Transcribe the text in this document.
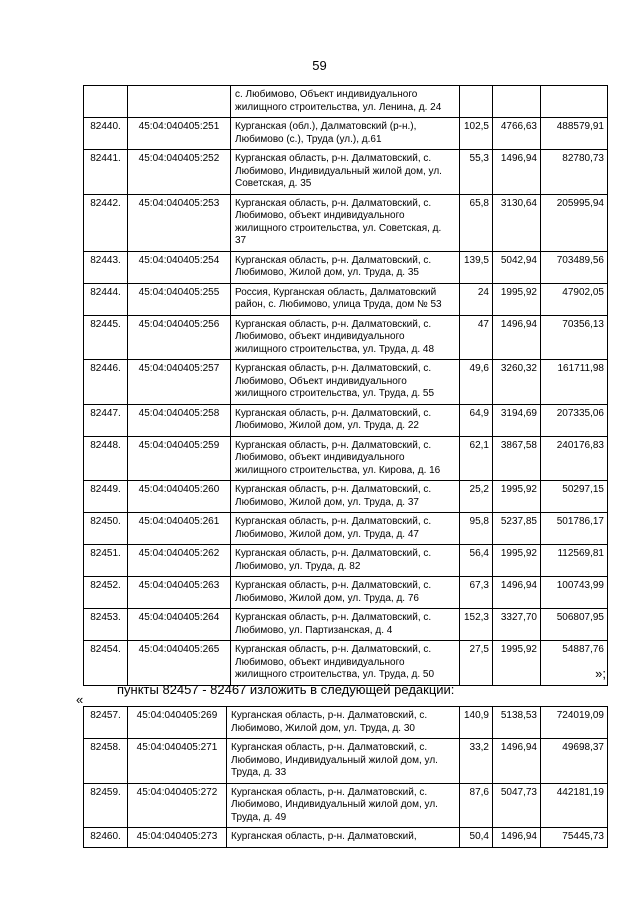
59
		с. Любимово, Объект индивидуального жилищного строительства, ул. Ленина, д. 24			
82440.	45:04:040405:251	Курганская (обл.), Далматовский (р-н.), Любимово (с.), Труда (ул.), д.61	102,5	4766,63	488579,91
82441.	45:04:040405:252	Курганская область, р-н. Далматовский, с. Любимово, Индивидуальный жилой дом, ул. Советская, д. 35	55,3	1496,94	82780,73
82442.	45:04:040405:253	Курганская область, р-н. Далматовский, с. Любимово, объект индивидуального жилищного строительства, ул. Советская, д. 37	65,8	3130,64	205995,94
82443.	45:04:040405:254	Курганская область, р-н. Далматовский, с. Любимово, Жилой дом, ул. Труда, д. 35	139,5	5042,94	703489,56
82444.	45:04:040405:255	Россия, Курганская область, Далматовский район, с. Любимово, улица Труда, дом № 53	24	1995,92	47902,05
82445.	45:04:040405:256	Курганская область, р-н. Далматовский, с. Любимово, объект индивидуального жилищного строительства, ул. Труда, д. 48	47	1496,94	70356,13
82446.	45:04:040405:257	Курганская область, р-н. Далматовский, с. Любимово, Объект индивидуального жилищного строительства, ул. Труда, д. 55	49,6	3260,32	161711,98
82447.	45:04:040405:258	Курганская область, р-н. Далматовский, с. Любимово, Жилой дом, ул. Труда, д. 22	64,9	3194,69	207335,06
82448.	45:04:040405:259	Курганская область, р-н. Далматовский, с. Любимово, объект индивидуального жилищного строительства, ул. Кирова, д. 16	62,1	3867,58	240176,83
82449.	45:04:040405:260	Курганская область, р-н. Далматовский, с. Любимово, Жилой дом, ул. Труда, д. 37	25,2	1995,92	50297,15
82450.	45:04:040405:261	Курганская область, р-н. Далматовский, с. Любимово, Жилой дом, ул. Труда, д. 47	95,8	5237,85	501786,17
82451.	45:04:040405:262	Курганская область, р-н. Далматовский, с. Любимово, ул. Труда, д. 82	56,4	1995,92	112569,81
82452.	45:04:040405:263	Курганская область, р-н. Далматовский, с. Любимово, Жилой дом, ул. Труда, д. 76	67,3	1496,94	100743,99
82453.	45:04:040405:264	Курганская область, р-н. Далматовский, с. Любимово, ул. Партизанская, д. 4	152,3	3327,70	506807,95
82454.	45:04:040405:265	Курганская область, р-н. Далматовский, с. Любимово, объект индивидуального жилищного строительства, ул. Труда, д. 50	27,5	1995,92	54887,76
»;
пункты 82457 - 82467 изложить в следующей редакции:
«
82457.	45:04:040405:269	Курганская область, р-н. Далматовский, с. Любимово, Жилой дом, ул. Труда, д. 30	140,9	5138,53	724019,09
82458.	45:04:040405:271	Курганская область, р-н. Далматовский, с. Любимово, Индивидуальный жилой дом, ул. Труда, д. 33	33,2	1496,94	49698,37
82459.	45:04:040405:272	Курганская область, р-н. Далматовский, с. Любимово, Индивидуальный жилой дом, ул. Труда, д. 49	87,6	5047,73	442181,19
82460.	45:04:040405:273	Курганская область, р-н. Далматовский,	50,4	1496,94	75445,73
